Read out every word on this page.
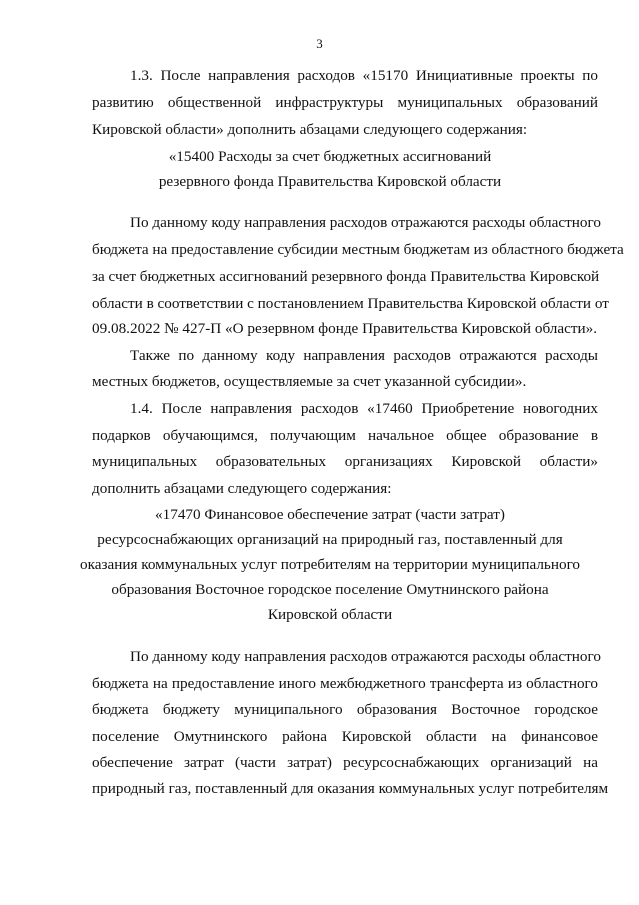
3
1.3. После направления расходов «15170 Инициативные проекты по
развитию общественной инфраструктуры муниципальных образований
Кировской области» дополнить абзацами следующего содержания:
«15400 Расходы за счет бюджетных ассигнований
резервного фонда Правительства Кировской области
По данному коду направления расходов отражаются расходы областного
бюджета на предоставление субсидии местным бюджетам из областного бюджета
за счет бюджетных ассигнований резервного фонда Правительства Кировской
области в соответствии с постановлением Правительства Кировской области от
09.08.2022 № 427-П «О резервном фонде Правительства Кировской области».
Также по данному коду направления расходов отражаются расходы
местных бюджетов, осуществляемые за счет указанной субсидии».
1.4. После направления расходов «17460 Приобретение новогодних
подарков обучающимся, получающим начальное общее образование в
муниципальных образовательных организациях Кировской области»
дополнить абзацами следующего содержания:
«17470 Финансовое обеспечение затрат (части затрат)
ресурсоснабжающих организаций на природный газ, поставленный для
оказания коммунальных услуг потребителям на территории муниципального
образования Восточное городское поселение Омутнинского района
Кировской области
По данному коду направления расходов отражаются расходы областного
бюджета на предоставление иного межбюджетного трансферта из областного
бюджета бюджету муниципального образования Восточное городское
поселение Омутнинского района Кировской области на финансовое
обеспечение затрат (части затрат) ресурсоснабжающих организаций на
природный газ, поставленный для оказания коммунальных услуг потребителям
